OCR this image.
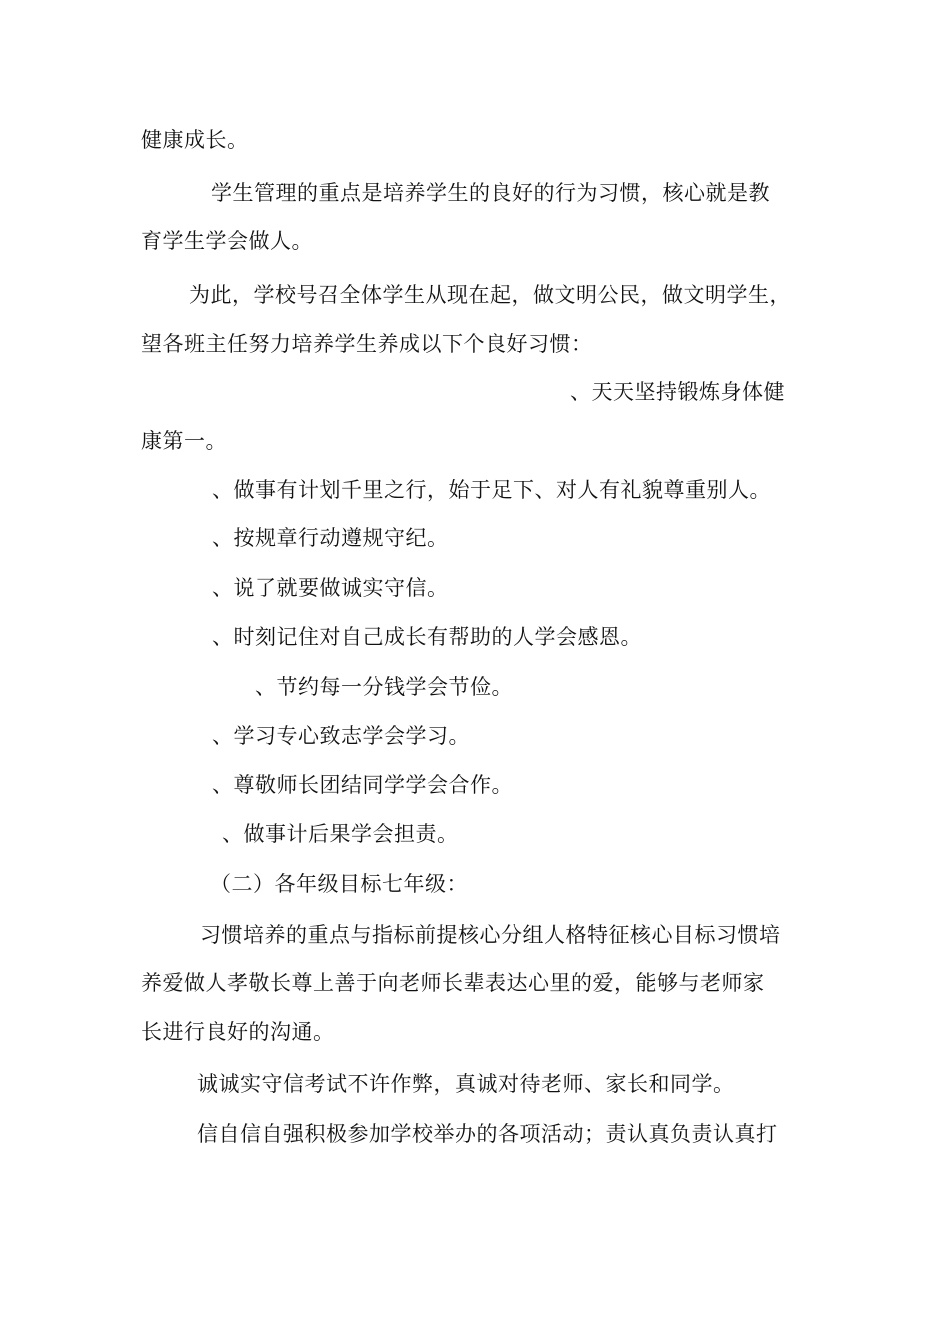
健康成长。
学生管理的重点是培养学生的良好的行为习惯，核心就是教
育学生学会做人。
为此，学校号召全体学生从现在起，做文明公民，做文明学生，
望各班主任努力培养学生养成以下个良好习惯：
、天天坚持锻炼身体健
康第一。
、做事有计划千里之行，始于足下、对人有礼貌尊重别人。
、按规章行动遵规守纪。
、说了就要做诚实守信。
、时刻记住对自己成长有帮助的人学会感恩。
、节约每一分钱学会节俭。
、学习专心致志学会学习。
、尊敬师长团结同学学会合作。
、做事计后果学会担责。
（二）各年级目标七年级：
习惯培养的重点与指标前提核心分组人格特征核心目标习惯培
养爱做人孝敬长尊上善于向老师长辈表达心里的爱，能够与老师家
长进行良好的沟通。
诚诚实守信考试不许作弊，真诚对待老师、家长和同学。
信自信自强积极参加学校举办的各项活动；责认真负责认真打
